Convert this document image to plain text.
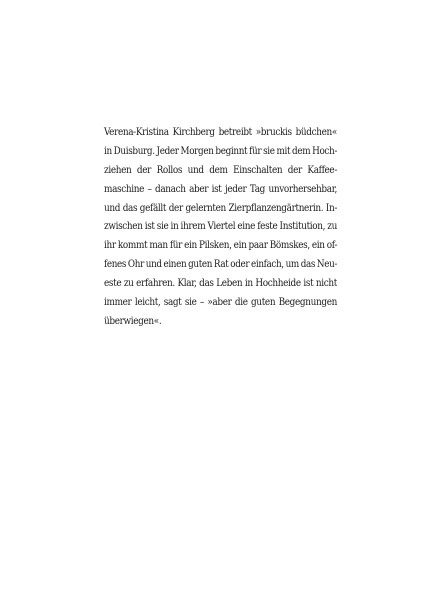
Verena-Kristina Kirchberg betreibt »bruckis büdchen«
in Duisburg. Jeder Morgen beginnt für sie mit dem Hoch-
ziehen der Rollos und dem Einschalten der Kaffee-
maschine – danach aber ist jeder Tag unvorhersehbar,
und das gefällt der gelernten Zierpflanzengärtnerin. In-
zwischen ist sie in ihrem Viertel eine feste Institution, zu
ihr kommt man für ein Pilsken, ein paar Bömskes, ein of-
fenes Ohr und einen guten Rat oder einfach, um das Neu-
este zu erfahren. Klar, das Leben in Hochheide ist nicht
immer leicht, sagt sie – »aber die guten Begegnungen
überwiegen«.
